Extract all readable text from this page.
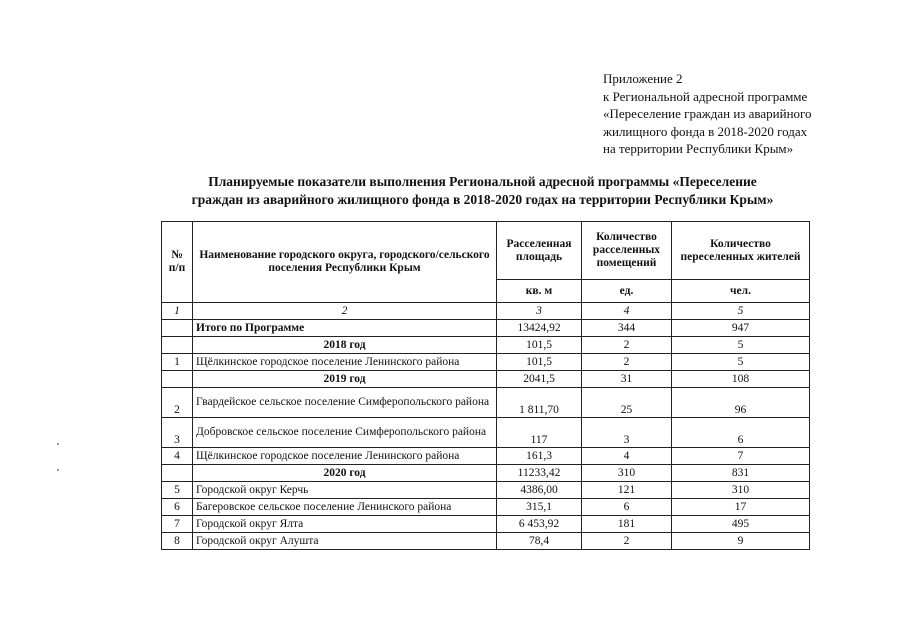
Приложение 2
к Региональной адресной программе
«Переселение граждан из аварийного
жилищного фонда в 2018-2020 годах
на территории Республики Крым»
Планируемые показатели выполнения Региональной адресной программы «Переселение
граждан из аварийного жилищного фонда в 2018-2020 годах на территории Республики Крым»
№ п/п	Наименование городского округа, городского/сельского поселения Республики Крым	Расселенная площадь	Количество расселенных помещений	Количество переселенных жителей
		кв. м	ед.	чел.
1	2	3	4	5
	Итого по Программе	13424,92	344	947
	2018 год	101,5	2	5
1	Щёлкинское городское поселение Ленинского района	101,5	2	5
	2019 год	2041,5	31	108
2	Гвардейское сельское поселение Симферопольского района	1 811,70	25	96
3	Добровское сельское поселение Симферопольского района	117	3	6
4	Щёлкинское городское поселение Ленинского района	161,3	4	7
	2020 год	11233,42	310	831
5	Городской округ Керчь	4386,00	121	310
6	Багеровское сельское поселение Ленинского района	315,1	6	17
7	Городской округ Ялта	6 453,92	181	495
8	Городской округ Алушта	78,4	2	9
